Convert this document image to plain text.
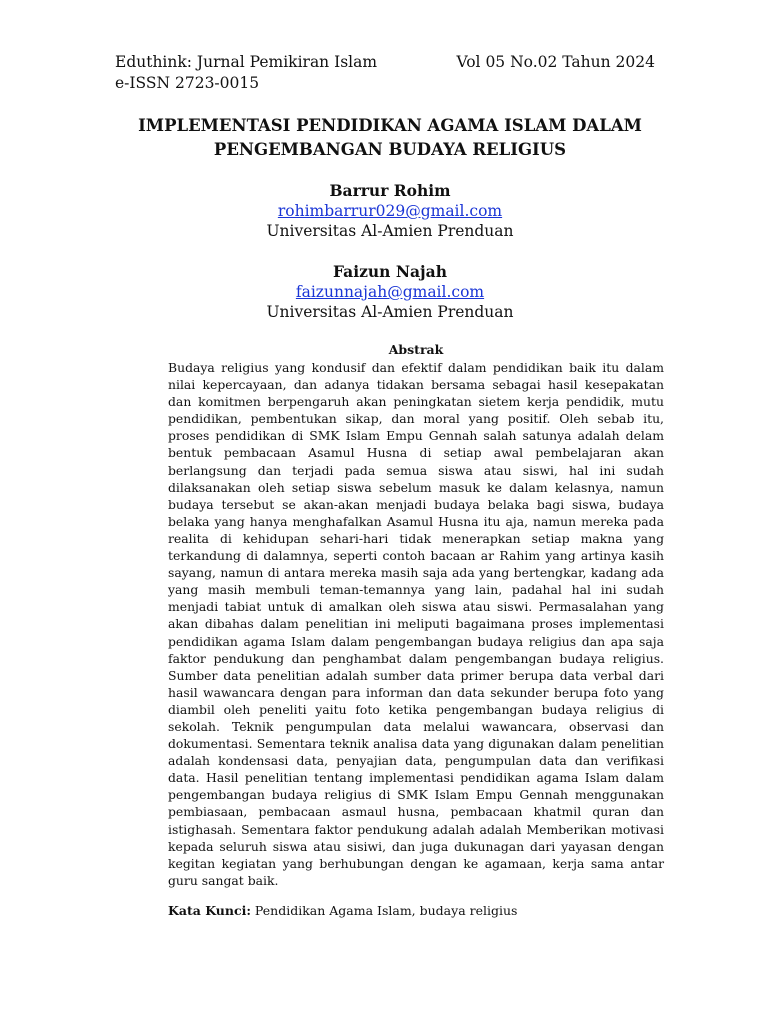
Eduthink: Jurnal Pemikiran Islam	Vol 05 No.02 Tahun 2024
e-ISSN 2723-0015
IMPLEMENTASI PENDIDIKAN AGAMA ISLAM DALAM
PENGEMBANGAN BUDAYA RELIGIUS
Barrur Rohim
rohimbarrur029@gmail.com
Universitas Al-Amien Prenduan
Faizun Najah
faizunnajah@gmail.com
Universitas Al-Amien Prenduan
Abstrak

Budaya religius yang kondusif dan efektif dalam pendidikan baik itu dalam nilai kepercayaan, dan adanya tidakan bersama sebagai hasil kesepakatan dan komitmen berpengaruh akan peningkatan sietem kerja pendidik, mutu pendidikan, pembentukan sikap, dan moral yang positif. Oleh sebab itu, proses pendidikan di SMK Islam Empu Gennah salah satunya adalah delam bentuk pembacaan Asamul Husna di setiap awal pembelajaran akan berlangsung dan terjadi pada semua siswa atau siswi, hal ini sudah dilaksanakan oleh setiap siswa sebelum masuk ke dalam kelasnya, namun budaya tersebut se akan-akan menjadi budaya belaka bagi siswa, budaya belaka yang hanya menghafalkan Asamul Husna itu aja, namun mereka pada realita di kehidupan sehari-hari tidak menerapkan setiap makna yang terkandung di dalamnya, seperti contoh bacaan ar Rahim yang artinya kasih sayang, namun di antara mereka masih saja ada yang bertengkar, kadang ada yang masih membuli teman-temannya yang lain, padahal hal ini sudah menjadi tabiat untuk di amalkan oleh siswa atau siswi. Permasalahan yang akan dibahas dalam penelitian ini meliputi bagaimana proses implementasi pendidikan agama Islam dalam pengembangan budaya religius dan apa saja faktor pendukung dan penghambat dalam pengembangan budaya religius. Sumber data penelitian adalah sumber data primer berupa data verbal dari hasil wawancara dengan para informan dan data sekunder berupa foto yang diambil oleh peneliti yaitu foto ketika pengembangan budaya religius di sekolah. Teknik pengumpulan data melalui wawancara, observasi dan dokumentasi. Sementara teknik analisa data yang digunakan dalam penelitian adalah kondensasi data, penyajian data, pengumpulan data dan verifikasi data. Hasil penelitian tentang implementasi pendidikan agama Islam dalam pengembangan budaya religius di SMK Islam Empu Gennah menggunakan pembiasaan, pembacaan asmaul husna, pembacaan khatmil quran dan istighasah. Sementara faktor pendukung adalah adalah Memberikan motivasi kepada seluruh siswa atau sisiwi, dan juga dukunagan dari yayasan dengan kegitan kegiatan yang berhubungan dengan ke agamaan, kerja sama antar guru sangat baik.

Kata Kunci: Pendidikan Agama Islam, budaya religius
